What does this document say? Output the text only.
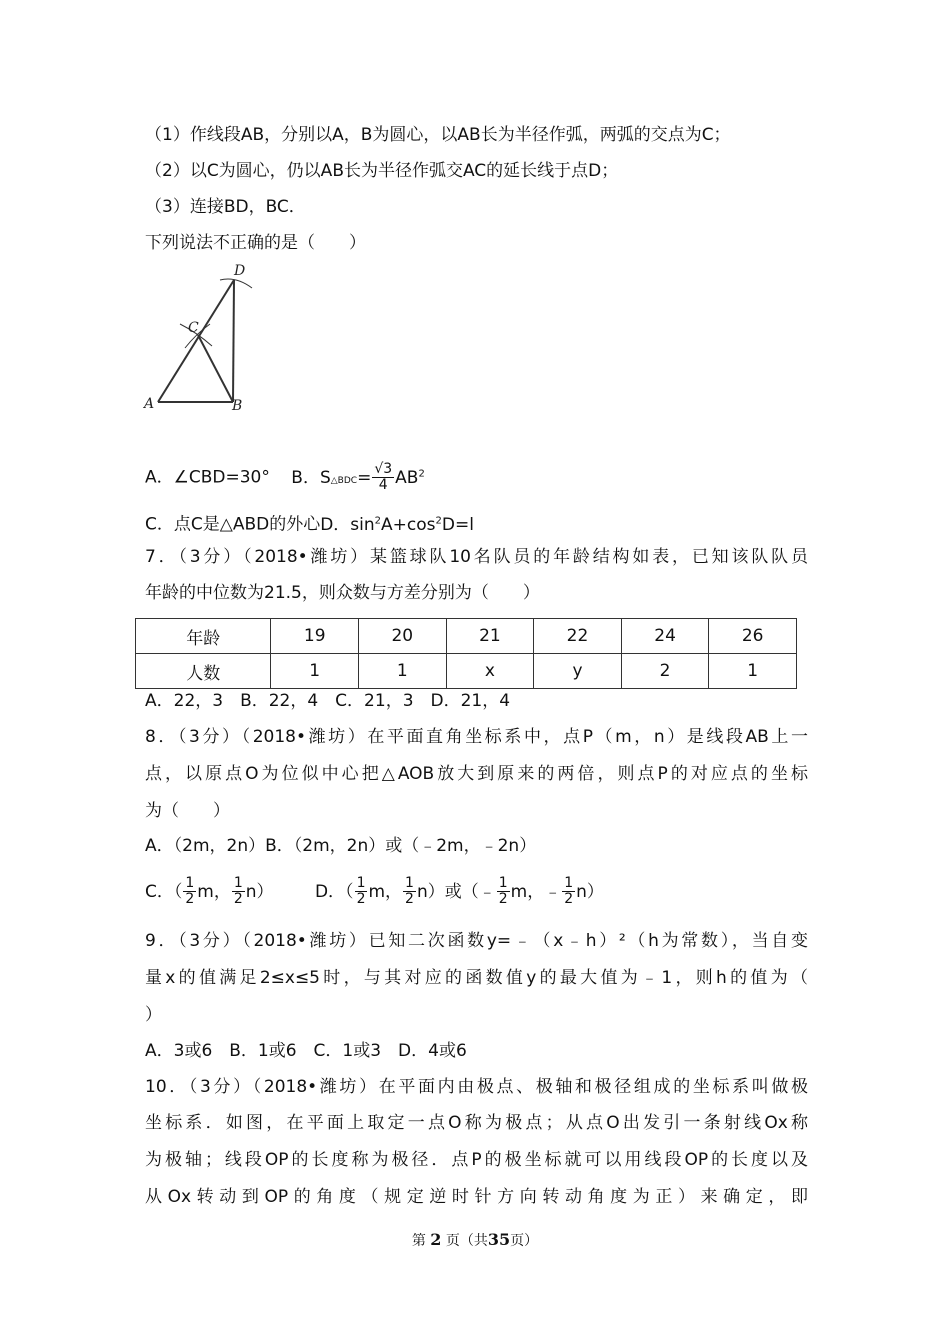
（1）作线段AB，分别以A，B为圆心，以AB长为半径作弧，两弧的交点为C；
（2）以C为圆心，仍以AB长为半径作弧交AC的延长线于点D；
（3）连接BD，BC．
下列说法不正确的是（　　）
A	B
C
D
A．∠CBD=30° B．S△BDC= $\frac{√3}{4} AB^2$
C．点C是△ABD的外心D．$\sin^2A+\cos^2D=l$
7．（3分）（2018•潍坊）某篮球队10名队员的年龄结构如表，已知该队队员
年龄的中位数为21.5，则众数与方差分别为（　　）
年龄	19	20	21	22	24	26
人数	1	1	x	y	2	1
A．22，3　B．22，4　C．21，3　D．21，4
8．（3分）（2018•潍坊）在平面直角坐标系中，点P（m，n）是线段AB上一
点，以原点O为位似中心把△AOB放大到原来的两倍，则点P的对应点的坐标
为（　　）
A．（2m，2n）B．（2m，2n）或（﹣2m，﹣2n）
C．（ $\frac{1}{2}$ m， $\frac{1}{2} n$） D．（ $\frac{1}{2}$ m， $\frac{1}{2} n$）或（﹣ $\frac{1}{2}$ m，﹣ $\frac{1}{2} n$）
9．（3分）（2018•潍坊）已知二次函数y=﹣（x﹣h）²（h为常数），当自变
量x的值满足2≤x≤5时，与其对应的函数值y的最大值为﹣1，则h的值为（
）
A．3或6　B．1或6　C．1或3　D．4或6
10．（3分）（2018•潍坊）在平面内由极点、极轴和极径组成的坐标系叫做极
坐标系．如图，在平面上取定一点O称为极点；从点O出发引一条射线Ox称
为极轴；线段OP的长度称为极径．点P的极坐标就可以用线段OP的长度以及
从Ox转动到OP的角度（规定逆时针方向转动角度为正）来确定，即
第 2 页（共35页）
